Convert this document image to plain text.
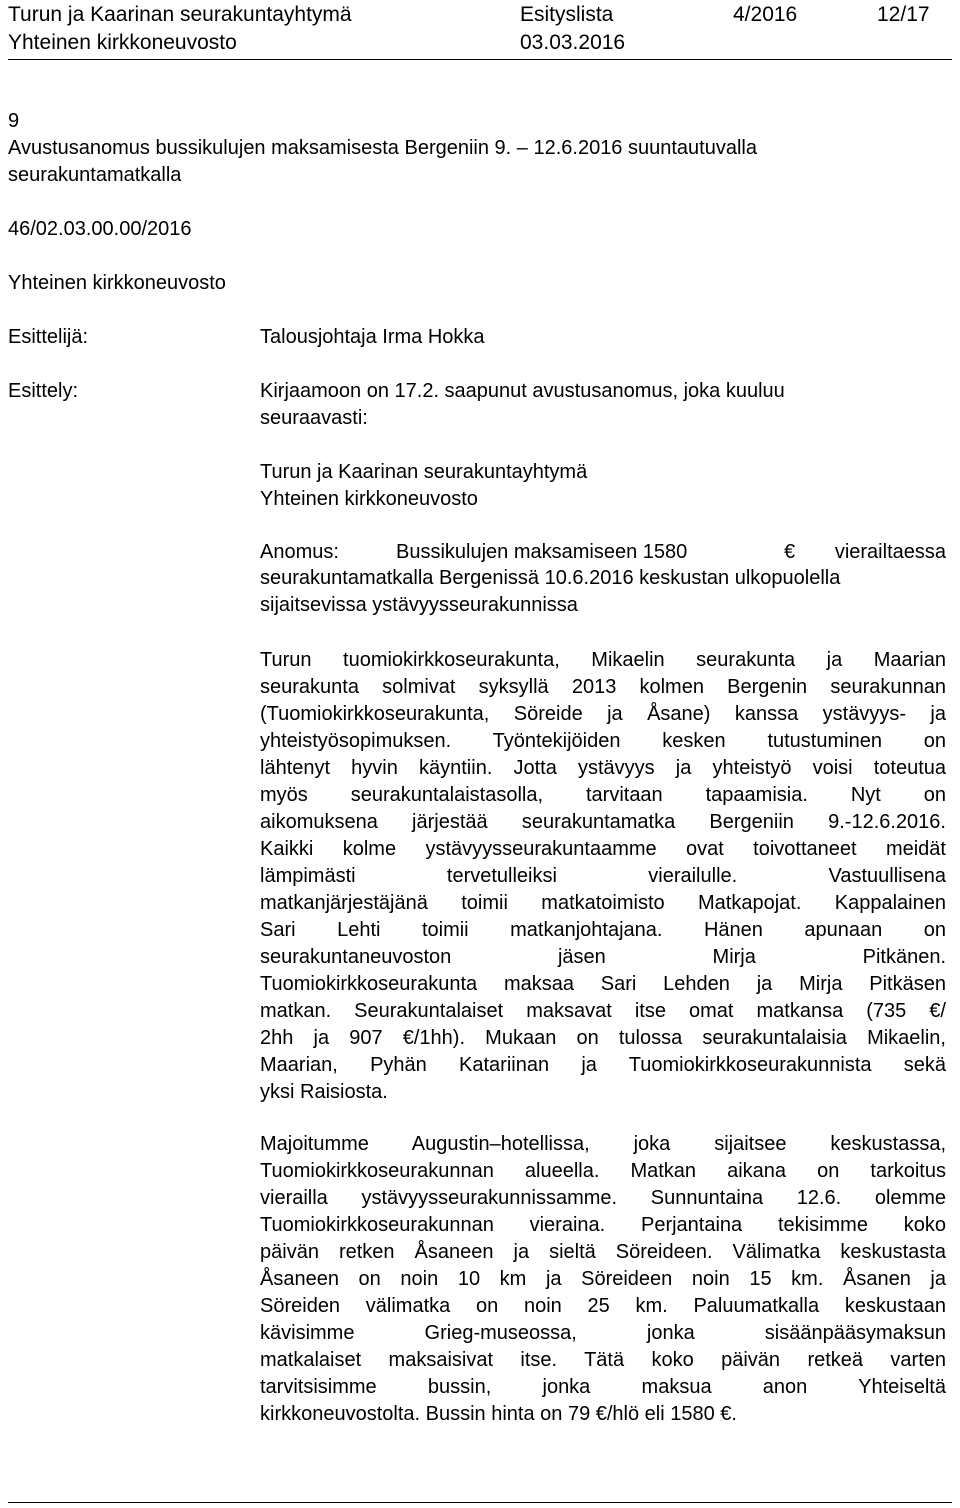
Turun ja Kaarinan seurakuntayhtymä	Esityslista	4/2016	12/17
Yhteinen kirkkoneuvosto	03.03.2016
9
Avustusanomus bussikulujen maksamisesta Bergeniin 9. – 12.6.2016 suuntautuvalla
seurakuntamatkalla
46/02.03.00.00/2016
Yhteinen kirkkoneuvosto
Esittelijä:	Talousjohtaja Irma Hokka
Esittely:	Kirjaamoon on 17.2. saapunut avustusanomus, joka kuuluu
seuraavasti:
Turun ja Kaarinan seurakuntayhtymä
Yhteinen kirkkoneuvosto
Anomus:	Bussikulujen maksamiseen 1580	€ vierailtaessa
seurakuntamatkalla Bergenissä 10.6.2016 keskustan ulkopuolella
sijaitsevissa ystävyysseurakunnissa
Turun tuomiokirkkoseurakunta, Mikaelin seurakunta ja Maarian
seurakunta solmivat syksyllä 2013 kolmen Bergenin seurakunnan
(Tuomiokirkkoseurakunta, Söreide ja Åsane) kanssa ystävyys- ja
yhteistyösopimuksen. Työntekijöiden kesken tutustuminen on
lähtenyt hyvin käyntiin. Jotta ystävyys ja yhteistyö voisi toteutua
myös seurakuntalaistasolla, tarvitaan tapaamisia. Nyt on
aikomuksena järjestää seurakuntamatka Bergeniin 9.-12.6.2016.
Kaikki kolme ystävyysseurakuntaamme ovat toivottaneet meidät
lämpimästi tervetulleiksi vierailulle. Vastuullisena
matkanjärjestäjänä toimii matkatoimisto Matkapojat. Kappalainen
Sari Lehti toimii matkanjohtajana. Hänen apunaan on
seurakuntaneuvoston jäsen Mirja Pitkänen.
Tuomiokirkkoseurakunta maksaa Sari Lehden ja Mirja Pitkäsen
matkan. Seurakuntalaiset maksavat itse omat matkansa (735 €/
2hh ja 907 €/1hh). Mukaan on tulossa seurakuntalaisia Mikaelin,
Maarian, Pyhän Katariinan ja Tuomiokirkkoseurakunnista sekä
yksi Raisiosta.
Majoitumme Augustin–hotellissa, joka sijaitsee keskustassa,
Tuomiokirkkoseurakunnan alueella. Matkan aikana on tarkoitus
vierailla ystävyysseurakunnissamme. Sunnuntaina 12.6. olemme
Tuomiokirkkoseurakunnan vieraina. Perjantaina tekisimme koko
päivän retken Åsaneen ja sieltä Söreideen. Välimatka keskustasta
Åsaneen on noin 10 km ja Söreideen noin 15 km. Åsanen ja
Söreiden välimatka on noin 25 km. Paluumatkalla keskustaan
kävisimme Grieg-museossa, jonka sisäänpääsymaksun
matkalaiset maksaisivat itse. Tätä koko päivän retkeä varten
tarvitsisimme bussin, jonka maksua anon Yhteiseltä
kirkkoneuvostolta. Bussin hinta on 79 €/hlö eli 1580 €.
